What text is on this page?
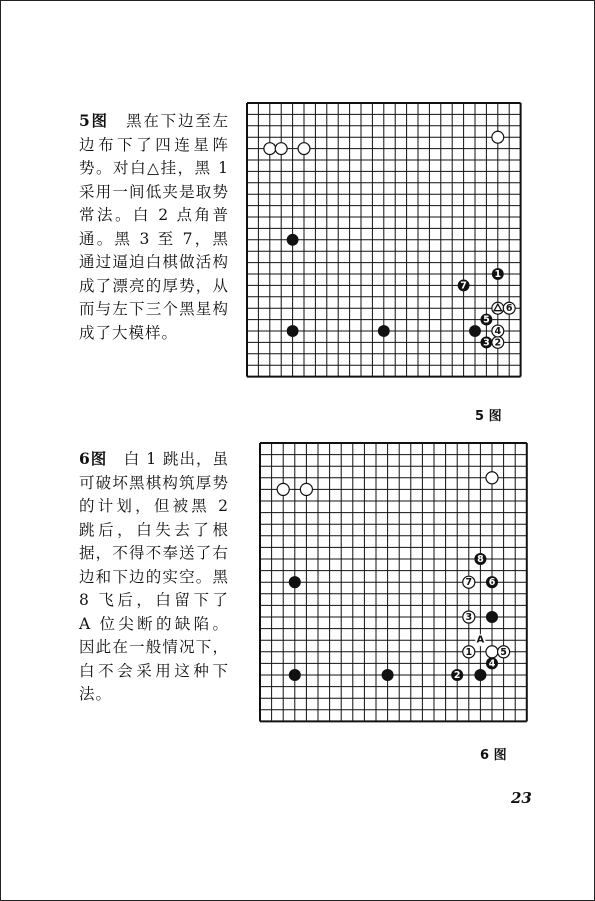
5图　黑在下边至左边布下了四连星阵势。对白△挂，黑 1 采用一间低夹是取势常法。白 2 点角普通。黑 3 至 7，黑通过逼迫白棋做活构成了漂亮的厚势，从而与左下三个黑星构成了大模样。

1
2
3
4
5
6
7
5 图

6图　白 1 跳出，虽可破坏黑棋构筑厚势的计划，但被黑 2 跳后，白失去了根据，不得不奉送了右边和下边的实空。黑 8 飞后，白留下了 A 位尖断的缺陷。因此在一般情况下，白不会采用这种下法。

1
2
3
4
5
6
7
8
A
6 图
23
